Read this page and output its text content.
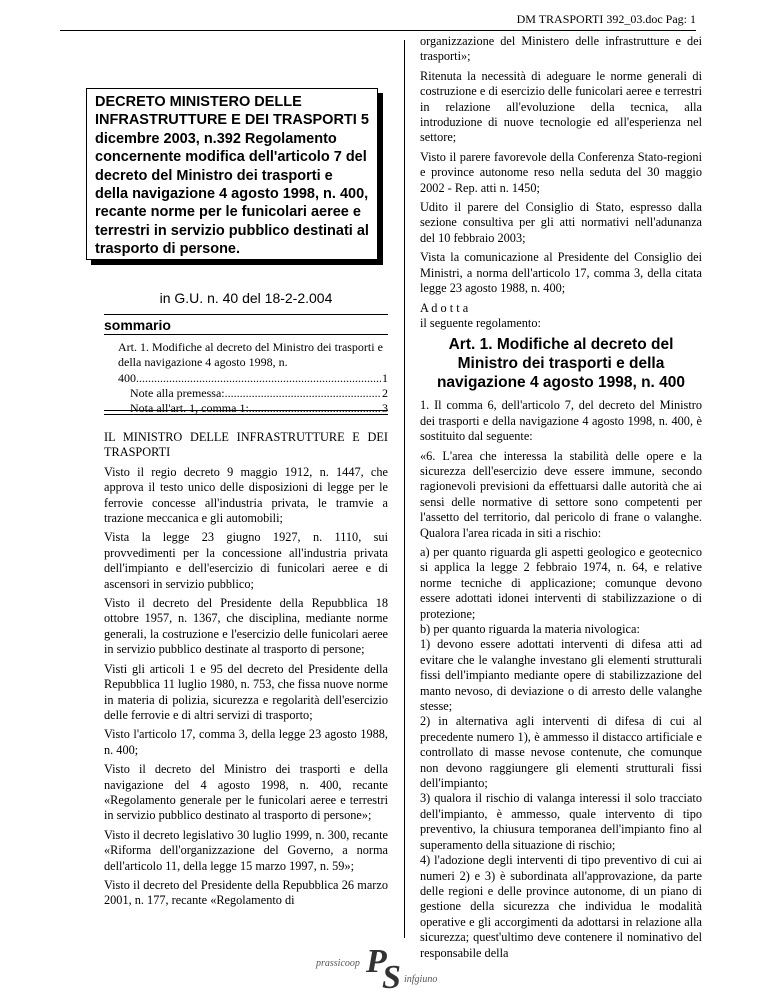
DM TRASPORTI 392_03.doc Pag: 1
DECRETO MINISTERO DELLE INFRASTRUTTURE E DEI TRASPORTI 5 dicembre 2003, n.392 Regolamento concernente modifica dell'articolo 7 del decreto del Ministro dei trasporti e della navigazione 4 agosto 1998, n. 400, recante norme per le funicolari aeree e terrestri in servizio pubblico destinati al trasporto di persone.
in G.U. n. 40 del 18-2-2.004
sommario
Art. 1. Modifiche al decreto del Ministro dei trasporti e della navigazione 4 agosto 1998, n.
400 .....	1
Note alla premessa: .....	2
Nota all'art. 1, comma 1: .....	3

IL MINISTRO DELLE INFRASTRUTTURE E DEI TRASPORTI

Visto il regio decreto 9 maggio 1912, n. 1447, che approva il testo unico delle disposizioni di legge per le ferrovie concesse all'industria privata, le tramvie a trazione meccanica e gli automobili;

Vista la legge 23 giugno 1927, n. 1110, sui provvedimenti per la concessione all'industria privata dell'impianto e dell'esercizio di funicolari aeree e di ascensori in servizio pubblico;

Visto il decreto del Presidente della Repubblica 18 ottobre 1957, n. 1367, che disciplina, mediante norme generali, la costruzione e l'esercizio delle funicolari aeree in servizio pubblico destinate al trasporto di persone;

Visti gli articoli 1 e 95 del decreto del Presidente della Repubblica 11 luglio 1980, n. 753, che fissa nuove norme in materia di polizia, sicurezza e regolarità dell'esercizio delle ferrovie e di altri servizi di trasporto;

Visto l'articolo 17, comma 3, della legge 23 agosto 1988, n. 400;

Visto il decreto del Ministro dei trasporti e della navigazione del 4 agosto 1998, n. 400, recante «Regolamento generale per le funicolari aeree e terrestri in servizio pubblico destinato al trasporto di persone»;

Visto il decreto legislativo 30 luglio 1999, n. 300, recante «Riforma dell'organizzazione del Governo, a norma dell'articolo 11, della legge 15 marzo 1997, n. 59»;

Visto il decreto del Presidente della Repubblica 26 marzo 2001, n. 177, recante «Regolamento di

organizzazione del Ministero delle infrastrutture e dei trasporti»;

Ritenuta la necessità di adeguare le norme generali di costruzione e di esercizio delle funicolari aeree e terrestri in relazione all'evoluzione della tecnica, alla introduzione di nuove tecnologie ed all'esperienza nel settore;

Visto il parere favorevole della Conferenza Stato-regioni e province autonome reso nella seduta del 30 maggio 2002 - Rep. atti n. 1450;

Udito il parere del Consiglio di Stato, espresso dalla sezione consultiva per gli atti normativi nell'adunanza del 10 febbraio 2003;

Vista la comunicazione al Presidente del Consiglio dei Ministri, a norma dell'articolo 17, comma 3, della citata legge 23 agosto 1988, n. 400;

A d o t t a

il seguente regolamento:

Art. 1. Modifiche al decreto del Ministro dei trasporti e della navigazione 4 agosto 1998, n. 400

1. Il comma 6, dell'articolo 7, del decreto del Ministro dei trasporti e della navigazione 4 agosto 1998, n. 400, è sostituito dal seguente:

«6. L'area che interessa la stabilità delle opere e la sicurezza dell'esercizio deve essere immune, secondo ragionevoli previsioni da effettuarsi dalle autorità che ai sensi delle normative di settore sono competenti per l'assetto del territorio, dal pericolo di frane o valanghe. Qualora l'area ricada in siti a rischio:

a) per quanto riguarda gli aspetti geologico e geotecnico si applica la legge 2 febbraio 1974, n. 64, e relative norme tecniche di applicazione; comunque devono essere adottati idonei interventi di stabilizzazione o di protezione;

b) per quanto riguarda la materia nivologica:

1) devono essere adottati interventi di difesa atti ad evitare che le valanghe investano gli elementi strutturali fissi dell'impianto mediante opere di stabilizzazione del manto nevoso, di deviazione o di arresto delle valanghe stesse;

2) in alternativa agli interventi di difesa di cui al precedente numero 1), è ammesso il distacco artificiale e controllato di masse nevose contenute, che comunque non devono raggiungere gli elementi strutturali fissi dell'impianto;

3) qualora il rischio di valanga interessi il solo tracciato dell'impianto, è ammesso, quale intervento di tipo preventivo, la chiusura temporanea dell'impianto fino al superamento della situazione di rischio;

4) l'adozione degli interventi di tipo preventivo di cui ai numeri 2) e 3) è subordinata all'approvazione, da parte delle regioni e delle province autonome, di un piano di gestione della sicurezza che individua le modalità operative e gli accorgimenti da adottarsi in relazione alla sicurezza; quest'ultimo deve contenere il nominativo del responsabile della

prassicoop P
S infgiuno
